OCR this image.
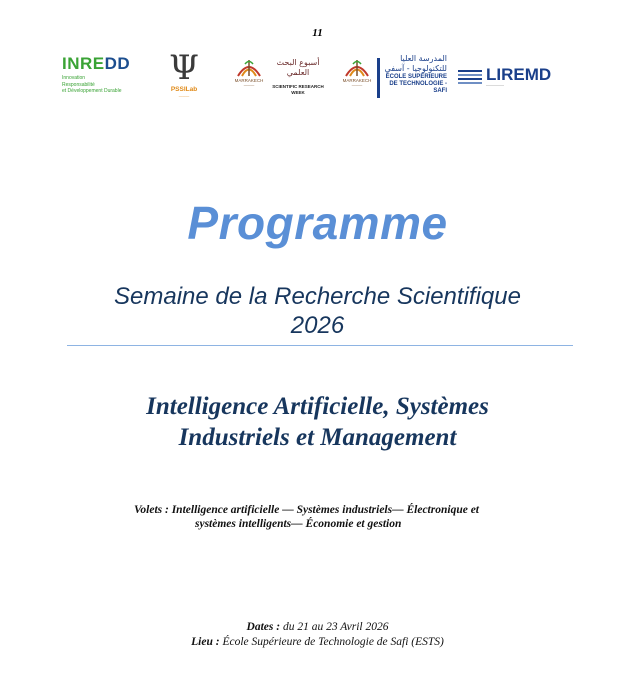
11
INREDD
Innovation
Responsabilité
et Développement Durable
Ψ
PSSILab
———
MARRAKECH
———
أسبوع البحث العلمي
SCIENTIFIC RESEARCH
WEEK
MARRAKECH
———
المدرسة العليا
للتكنولوجيا - آسفي
ÉCOLE SUPÉRIEURE
DE TECHNOLOGIE - SAFI
LIREMD
——————
Programme
Semaine de la Recherche Scientifique
2026
Intelligence Artificielle, Systèmes
Industriels et Management
Volets : Intelligence artificielle — Systèmes industriels— Électronique et
systèmes intelligents— Économie et gestion
Dates : du 21 au 23 Avril 2026
Lieu : École Supérieure de Technologie de Safi (ESTS)
